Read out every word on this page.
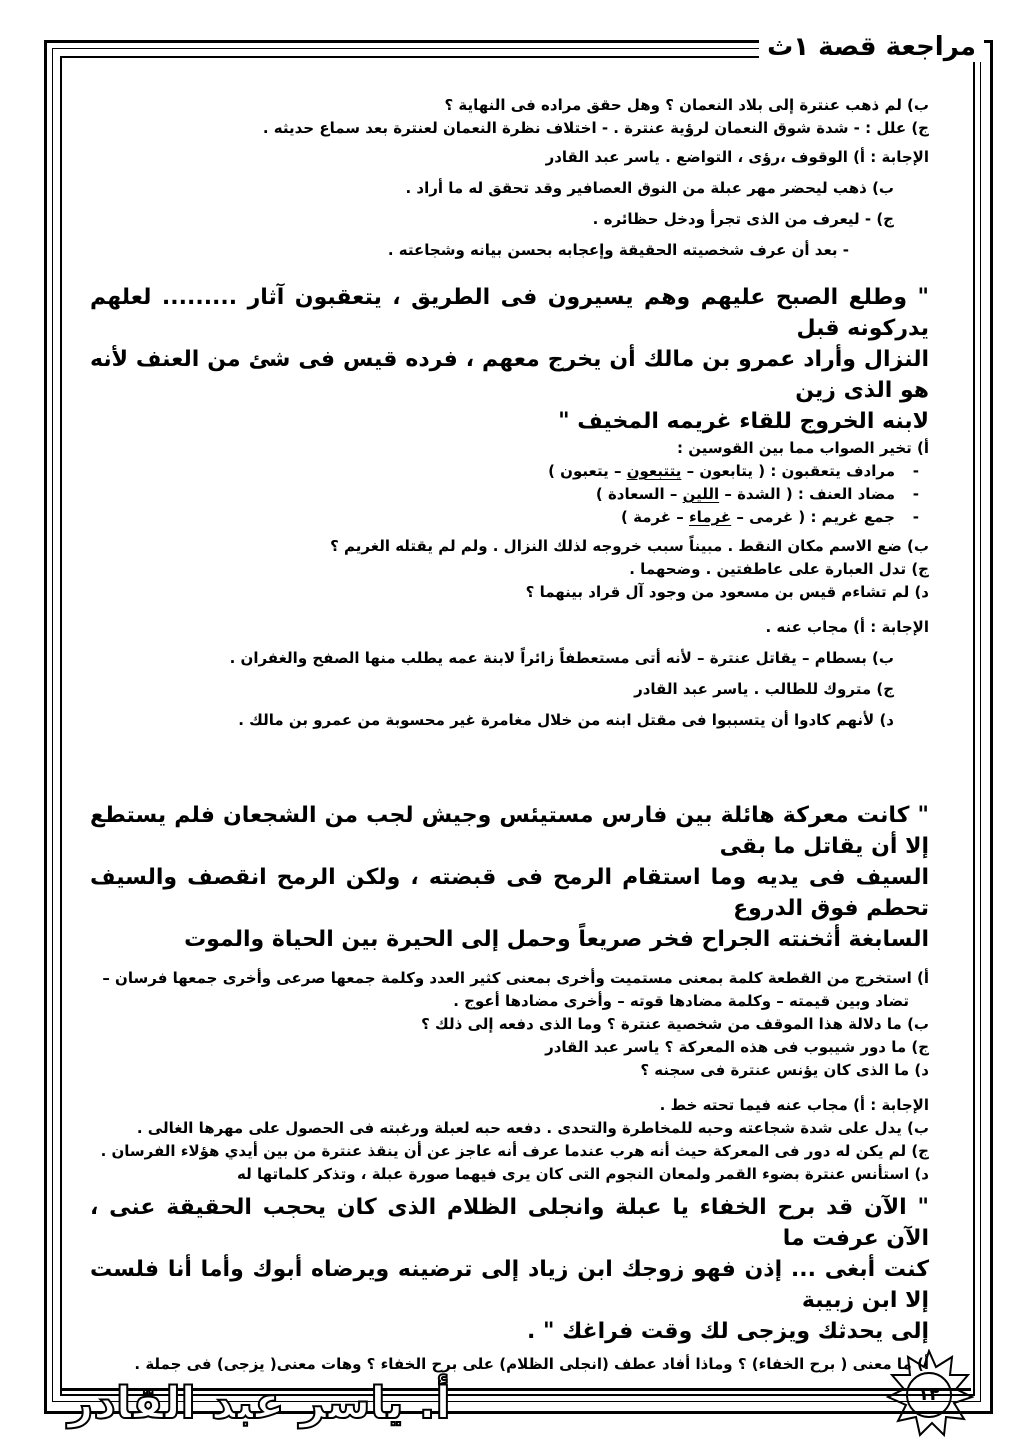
مراجعة قصة ١ث
ب) لم ذهب عنترة إلى بلاد النعمان ؟ وهل حقق مراده فى النهاية ؟
ج) علل : - شدة شوق النعمان لرؤية عنترة . - اختلاف نظرة النعمان لعنترة بعد سماع حديثه .
الإجابة : أ) الوقوف ،رؤى ، التواضع . ياسر عبد القادر
ب) ذهب ليحضر مهر عبلة من النوق العصافير وقد تحقق له ما أراد .
ج) - ليعرف من الذى تجرأ ودخل حظائره .
- بعد أن عرف شخصيته الحقيقة وإعجابه بحسن بيانه وشجاعته .
" وطلع الصبح عليهم وهم يسيرون فى الطريق ، يتعقبون آثار ......... لعلهم يدركونه قبل
النزال وأراد عمرو بن مالك أن يخرج معهم ، فرده قيس فى شئ من العنف لأنه هو الذى زين
لابنه الخروج للقاء غريمه المخيف "
أ) تخير الصواب مما بين القوسين :
-
مرادف يتعقبون : ( يتابعون – يتتبعون – يتعبون )
-
مضاد العنف : ( الشدة – اللين – السعادة )
-
جمع غريم : ( غرمى – غرماء – غرمة )
ب) ضع الاسم مكان النقط . مبيناً سبب خروجه لذلك النزال . ولم لم يقتله الغريم ؟
ج) تدل العبارة على عاطفتين . وضحهما .
د) لم تشاءم قيس بن مسعود من وجود آل قراد بينهما ؟
الإجابة : أ) مجاب عنه .
ب) بسطام – يقاتل عنترة – لأنه أتى مستعطفاً زائراً لابنة عمه يطلب منها الصفح والغفران .
ج) متروك للطالب . ياسر عبد القادر
د) لأنهم كادوا أن يتسببوا فى مقتل ابنه من خلال مغامرة غير محسوبة من عمرو بن مالك .
" كانت معركة هائلة بين فارس مستيئس وجيش لجب من الشجعان فلم يستطع إلا أن يقاتل ما بقى
السيف فى يديه وما استقام الرمح فى قبضته ، ولكن الرمح انقصف والسيف تحطم فوق الدروع
السابغة أثخنته الجراح فخر صريعاً وحمل إلى الحيرة بين الحياة والموت
أ) استخرج من القطعة كلمة بمعنى مستميت وأخرى بمعنى كثير العدد وكلمة جمعها صرعى وأخرى جمعها فرسان –
تضاد وبين قيمته – وكلمة مضادها قوته – وأخرى مضادها أعوج .
ب) ما دلالة هذا الموقف من شخصية عنترة ؟ وما الذى دفعه إلى ذلك ؟
ج) ما دور شيبوب فى هذه المعركة ؟ ياسر عبد القادر
د) ما الذى كان يؤنس عنترة فى سجنه ؟
الإجابة : أ) مجاب عنه فيما تحته خط .
ب) يدل على شدة شجاعته وحبه للمخاطرة والتحدى . دفعه حبه لعبلة ورغبته فى الحصول على مهرها الغالى .
ج) لم يكن له دور فى المعركة حيث أنه هرب عندما عرف أنه عاجز عن أن ينقذ عنترة من بين أيدي هؤلاء الفرسان .
د) استأنس عنترة بضوء القمر ولمعان النجوم التى كان يرى فيهما صورة عبلة ، وتذكر كلماتها له
" الآن قد برح الخفاء يا عبلة وانجلى الظلام الذى كان يحجب الحقيقة عنى ، الآن عرفت ما
كنت أبغى ... إذن فهو زوجك ابن زياد إلى ترضينه ويرضاه أبوك وأما أنا فلست إلا ابن زبيبة
إلى يحدثك ويزجى لك وقت فراغك " .
أ) ما معنى ( برح الخفاء) ؟ وماذا أفاد عطف (انجلى الظلام) على برح الخفاء ؟ وهات معنى( يزجى) فى جملة .
أ. ياسر عبد القادر	١٢
